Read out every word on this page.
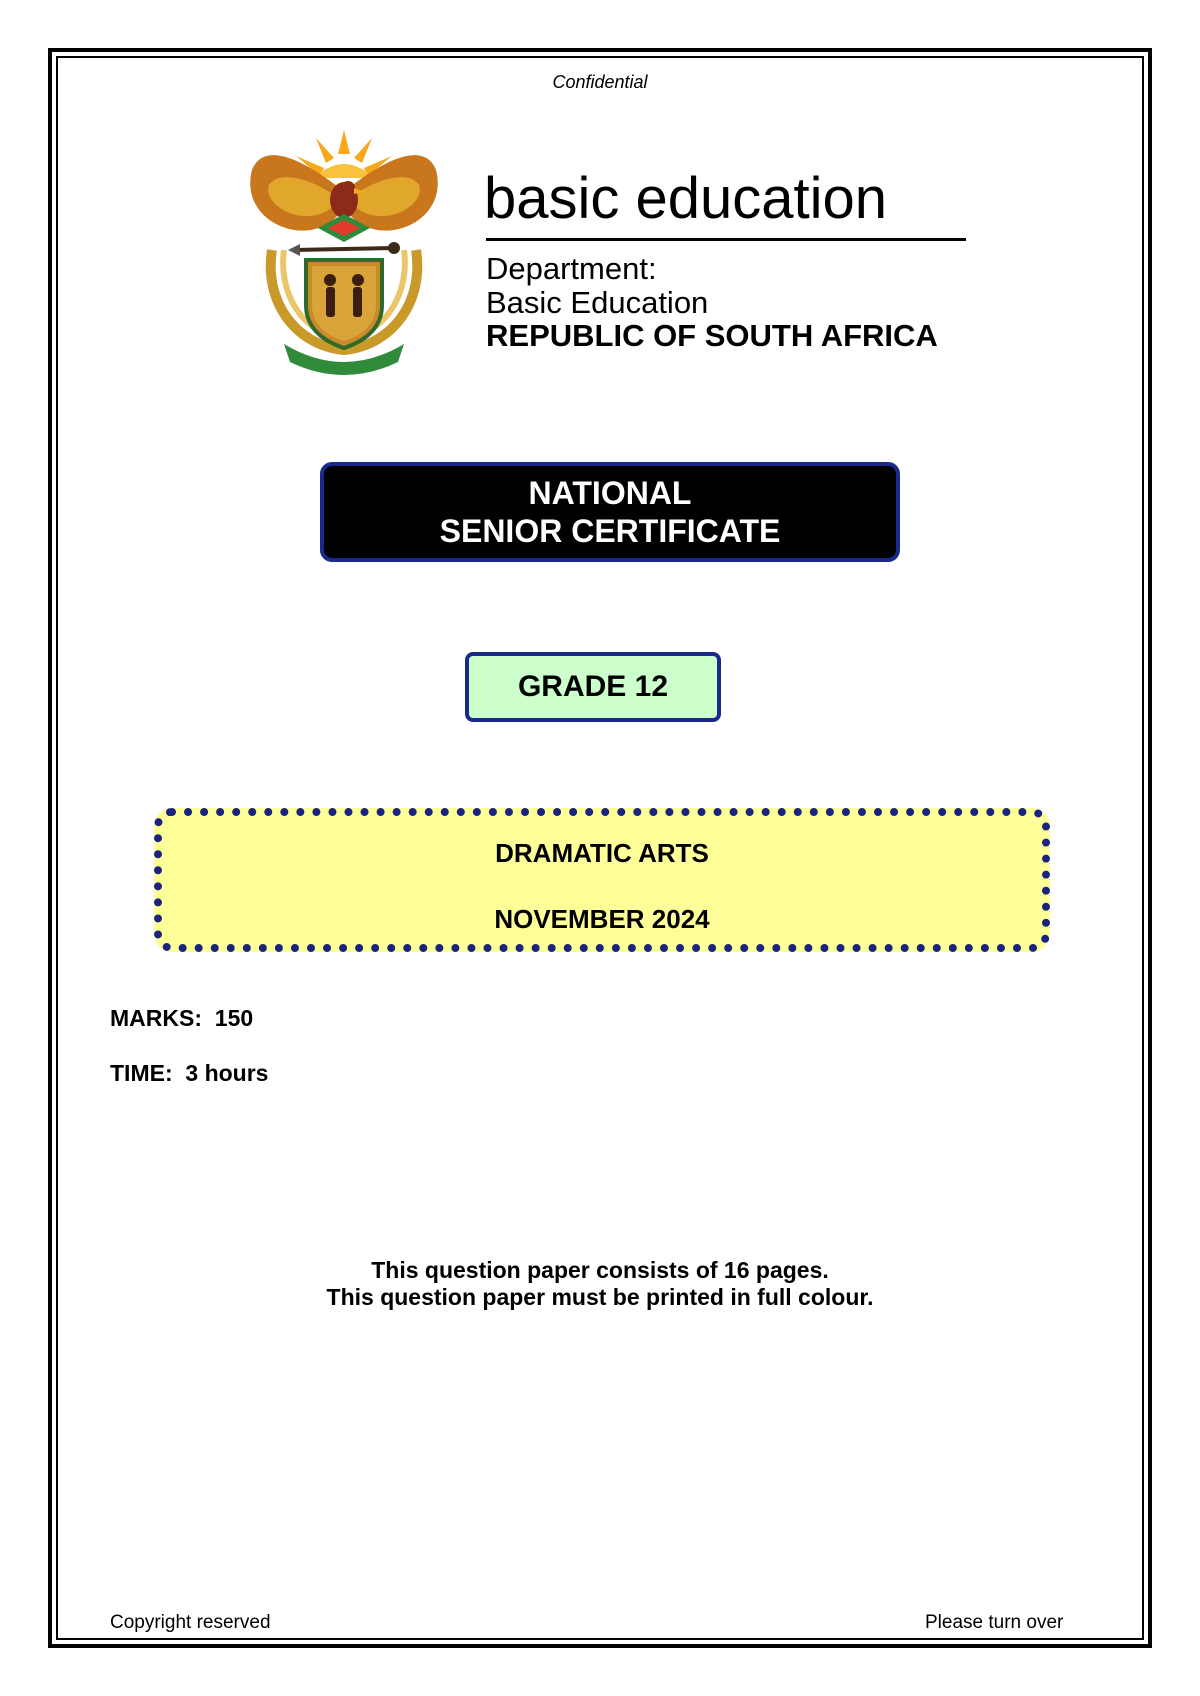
Confidential
basic education
Department:
Basic Education
REPUBLIC OF SOUTH AFRICA
NATIONAL
SENIOR CERTIFICATE
GRADE 12
DRAMATIC ARTS
NOVEMBER 2024
MARKS: 150
TIME: 3 hours
This question paper consists of 16 pages.
This question paper must be printed in full colour.
Copyright reserved	Please turn over
